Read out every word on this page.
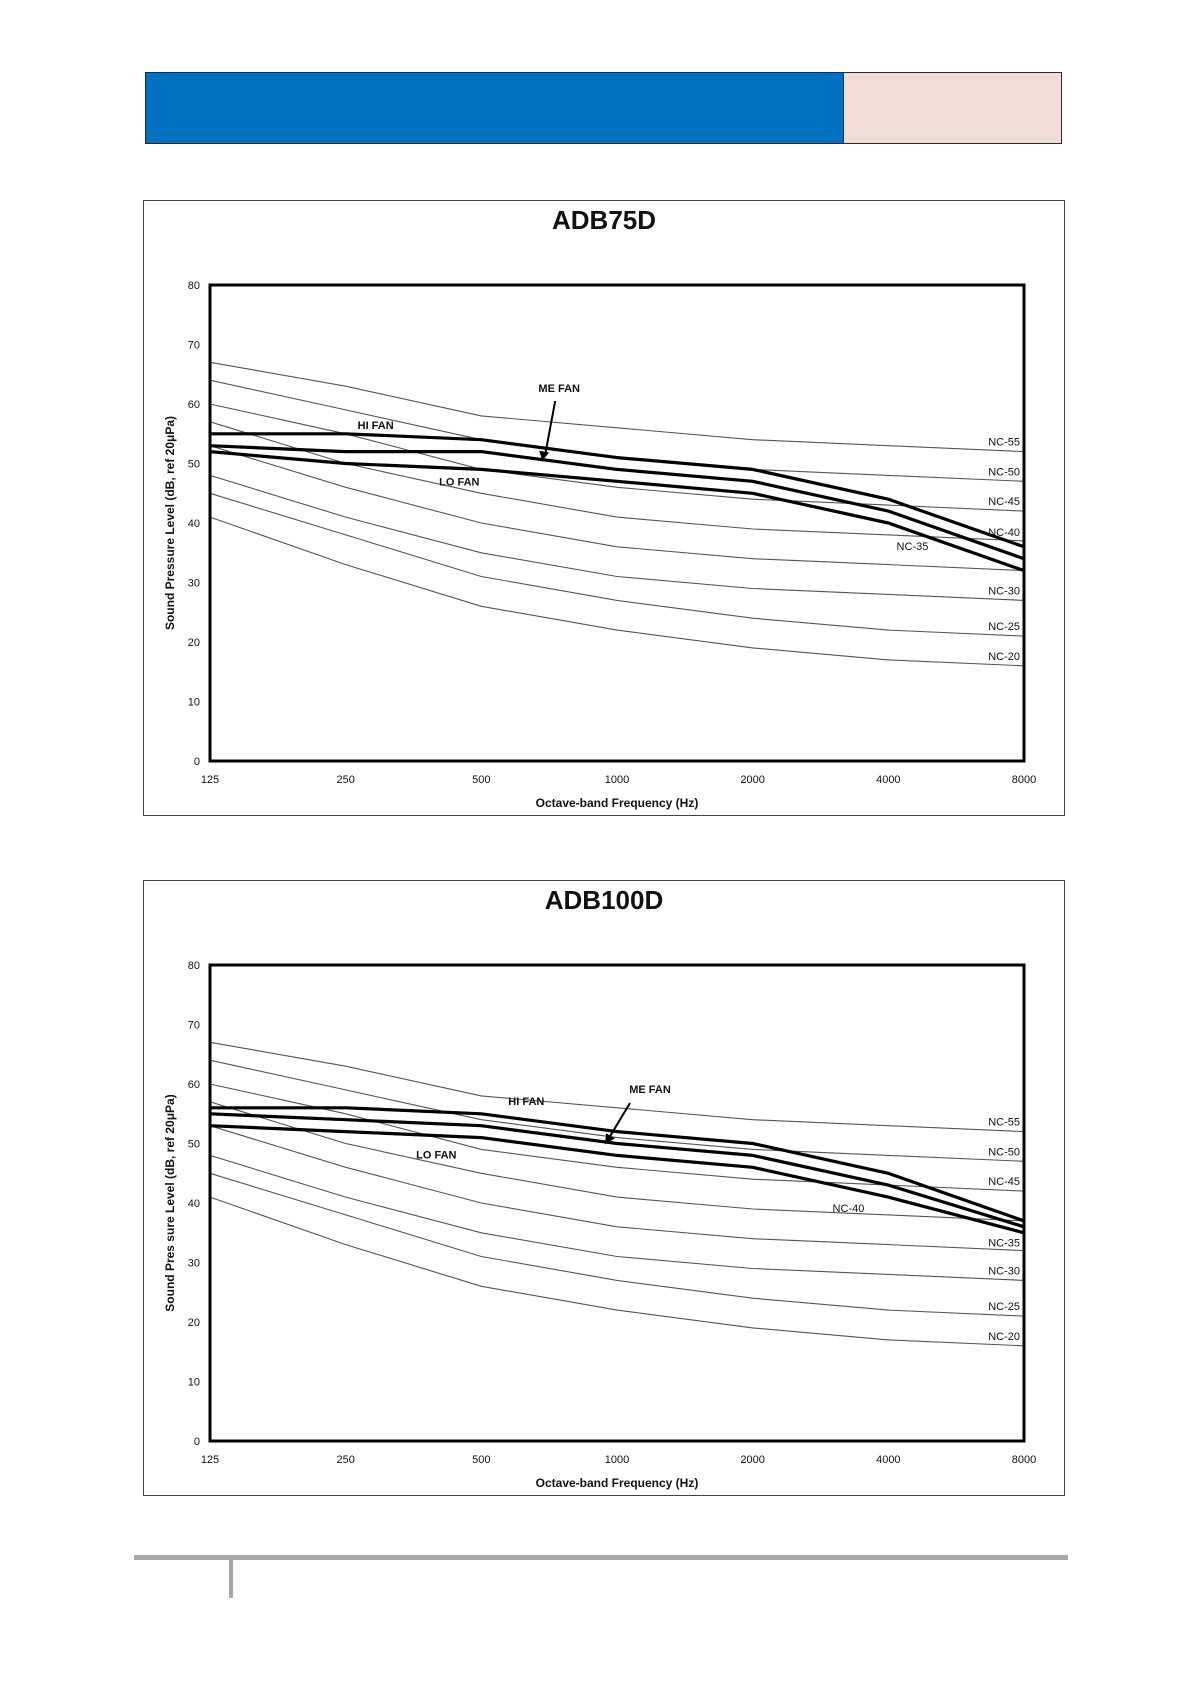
ADB75D
NC-55
NC-50
NC-45
NC-40
NC-35
NC-30
NC-25
NC-20
HI FAN
LO FAN
ME FAN
0
10
20
30
40
50
60
70
80
125	250	500	1000	2000	4000	8000
Octave-band Frequency (Hz)
Sound Pressure Level (dB, ref 20μPa)
ADB100D
NC-55
NC-50
NC-45
NC-40
NC-35
NC-30
NC-25
NC-20
HI FAN
LO FAN
ME FAN
0
10
20
30
40
50
60
70
80
125	250	500	1000	2000	4000	8000
Octave-band Frequency (Hz)
Sound Pres sure Level (dB, ref 20μPa)
